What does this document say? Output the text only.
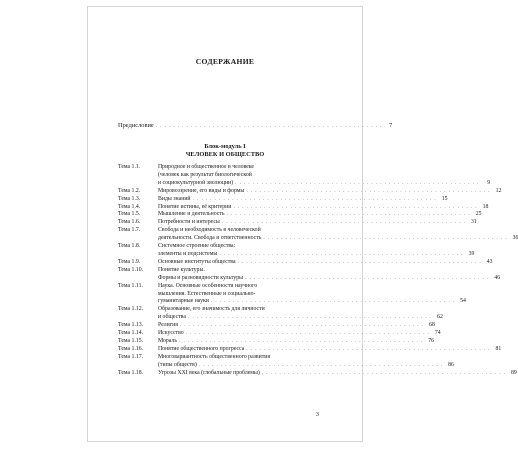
СОДЕРЖАНИЕ
Предисловие . . . . . . . . . . . . . . . . . . . . . . . . . . . . . . . . . . . . . . . . . . . . . . . . . . . .	7
Блок-модуль I
ЧЕЛОВЕК И ОБЩЕСТВО
Тема 1.1.	Природное и общественное в человеке
(человек как результат биологической
и социокультурной эволюции) . . . . . . . . . . . . . . . . . . . . . . . . . . . . . . . . . . . . . . . . . . . . . . . . . . . . . . . .	9
Тема 1.2.	Мировоззрение, его виды и формы . . . . . . . . . . . . . . . . . . . . . . . . . . . . . . . . . . . . . . . . . . . . . . . . . . . . . . . . 12
Тема 1.3.	Виды знаний . . . . . . . . . . . . . . . . . . . . . . . . . . . . . . . . . . . . . . . . . . . . . . . . . . . . . . . . 15
Тема 1.4.	Понятие истины, её критерии . . . . . . . . . . . . . . . . . . . . . . . . . . . . . . . . . . . . . . . . . . . . . . . . . . . . . . . . 18
Тема 1.5.	Мышление и деятельность . . . . . . . . . . . . . . . . . . . . . . . . . . . . . . . . . . . . . . . . . . . . . . . . . . . . . . . . 25
Тема 1.6.	Потребности и интересы . . . . . . . . . . . . . . . . . . . . . . . . . . . . . . . . . . . . . . . . . . . . . . . . . . . . . . . . 31
Тема 1.7.	Свобода и необходимость в человеческой
деятельности. Свобода и ответственность . . . . . . . . . . . . . . . . . . . . . . . . . . . . . . . . . . . . . . . . . . . . . . . . . . . . . . . . 36
Тема 1.8.	Системное строение общества:
элементы и подсистемы . . . . . . . . . . . . . . . . . . . . . . . . . . . . . . . . . . . . . . . . . . . . . . . . . . . . . . . . 39
Тема 1.9.	Основные институты общества . . . . . . . . . . . . . . . . . . . . . . . . . . . . . . . . . . . . . . . . . . . . . . . . . . . . . . . . 43
Тема 1.10.	Понятие культуры.
Формы и разновидности культуры . . . . . . . . . . . . . . . . . . . . . . . . . . . . . . . . . . . . . . . . . . . . . . . . . . . . . . . . 46
Тема 1.11.	Наука. Основные особенности научного
мышления. Естественные и социально-
гуманитарные науки . . . . . . . . . . . . . . . . . . . . . . . . . . . . . . . . . . . . . . . . . . . . . . . . . . . . . . . . 54
Тема 1.12.	Образование, его значимость для личности
и общества . . . . . . . . . . . . . . . . . . . . . . . . . . . . . . . . . . . . . . . . . . . . . . . . . . . . . . . . 62
Тема 1.13.	Религия . . . . . . . . . . . . . . . . . . . . . . . . . . . . . . . . . . . . . . . . . . . . . . . . . . . . . . . . 68
Тема 1.14.	Искусство . . . . . . . . . . . . . . . . . . . . . . . . . . . . . . . . . . . . . . . . . . . . . . . . . . . . . . . . 74
Тема 1.15.	Мораль . . . . . . . . . . . . . . . . . . . . . . . . . . . . . . . . . . . . . . . . . . . . . . . . . . . . . . . . 76
Тема 1.16.	Понятие общественного прогресса . . . . . . . . . . . . . . . . . . . . . . . . . . . . . . . . . . . . . . . . . . . . . . . . . . . . . . . . 81
Тема 1.17.	Многовариантность общественного развития
(типы обществ) . . . . . . . . . . . . . . . . . . . . . . . . . . . . . . . . . . . . . . . . . . . . . . . . . . . . . . . . 86
Тема 1.18.	Угрозы XXI века (глобальные проблемы) . . . . . . . . . . . . . . . . . . . . . . . . . . . . . . . . . . . . . . . . . . . . . . . . . . . . . . . . 89
3
